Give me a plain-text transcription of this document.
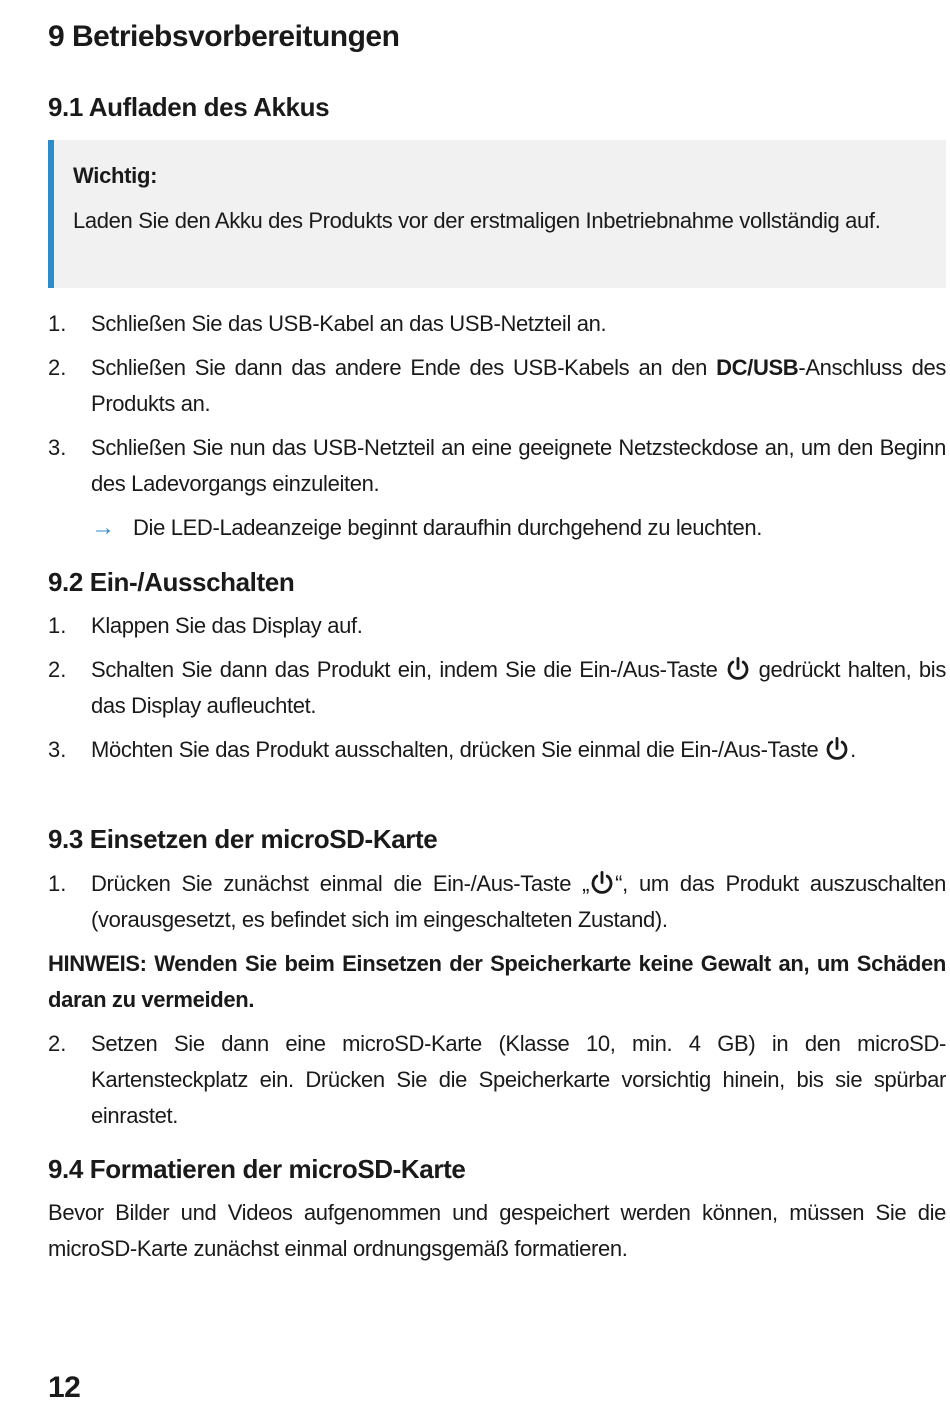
9 Betriebsvorbereitungen
9.1 Aufladen des Akkus
Wichtig:
Laden Sie den Akku des Produkts vor der erstmaligen Inbetriebnahme vollständig auf.
1. Schließen Sie das USB-Kabel an das USB-Netzteil an.
2. Schließen Sie dann das andere Ende des USB-Kabels an den DC/USB-Anschluss des Produkts an.
3. Schließen Sie nun das USB-Netzteil an eine geeignete Netzsteckdose an, um den Beginn des Ladevorgangs einzuleiten.
→ Die LED-Ladeanzeige beginnt daraufhin durchgehend zu leuchten.
9.2 Ein-/Ausschalten
1. Klappen Sie das Display auf.
2. Schalten Sie dann das Produkt ein, indem Sie die Ein-/Aus-Taste
gedrückt halten, bis das Display aufleuchtet.
3. Möchten Sie das Produkt ausschalten, drücken Sie einmal die Ein-/Aus-Taste
.
9.3 Einsetzen der microSD-Karte
1. Drücken Sie zunächst einmal die Ein-/Aus-Taste „ “, um das Produkt auszuschalten (vorausgesetzt, es befindet sich im eingeschalteten Zustand).
HINWEIS: Wenden Sie beim Einsetzen der Speicherkarte keine Gewalt an, um Schäden daran zu vermeiden.
2. Setzen Sie dann eine microSD-Karte (Klasse 10, min. 4 GB) in den microSD-Kartensteckplatz ein. Drücken Sie die Speicherkarte vorsichtig hinein, bis sie spürbar einrastet.
9.4 Formatieren der microSD-Karte
Bevor Bilder und Videos aufgenommen und gespeichert werden können, müssen Sie die microSD-Karte zunächst einmal ordnungsgemäß formatieren.
12
